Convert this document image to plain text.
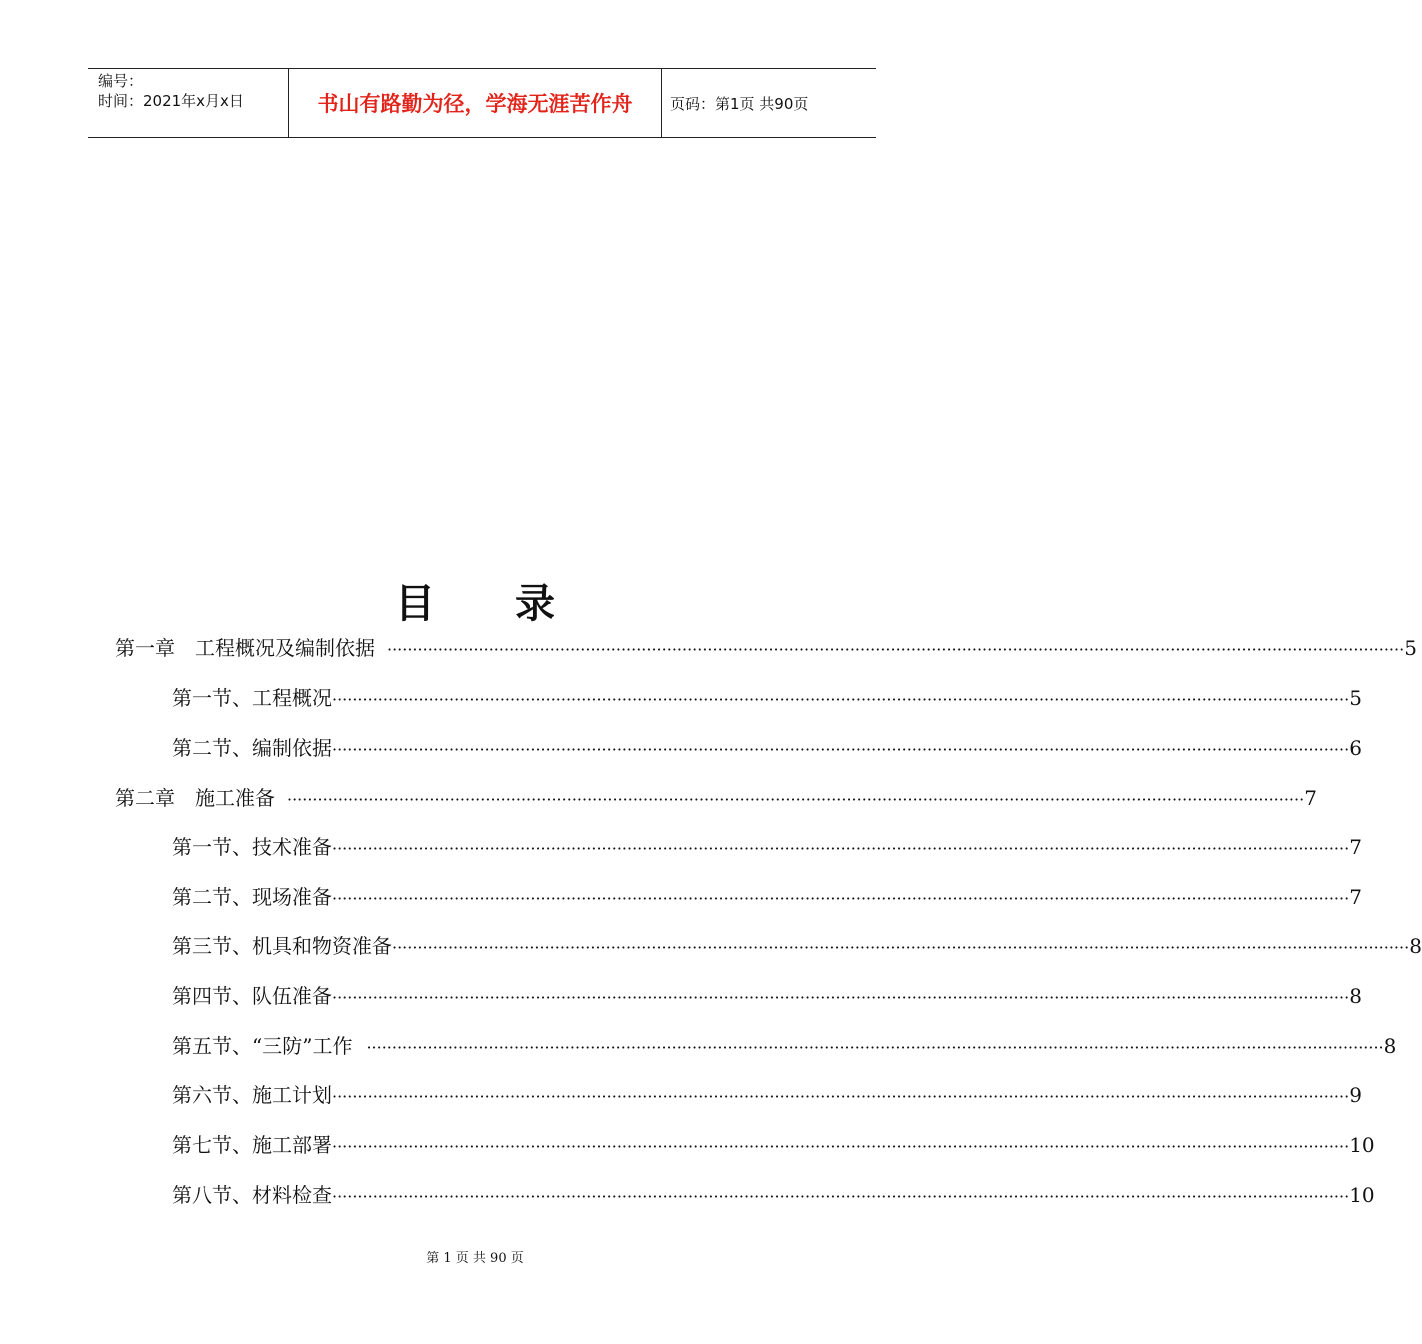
编号：
时间：2021年x月x日	书山有路勤为径，学海无涯苦作舟	页码：第1页 共90页
目录
第一章　工程概况及编制依据 ········································································································································································································ 5
第一节、工程概况 ········································································································································································································ 5
第二节、编制依据 ········································································································································································································ 6
第二章　施工准备 ········································································································································································································ 7
第一节、技术准备 ········································································································································································································ 7
第二节、现场准备 ········································································································································································································ 7
第三节、机具和物资准备 ········································································································································································································ 8
第四节、队伍准备 ········································································································································································································ 8
第五节、“三防”工作 ········································································································································································································ 8
第六节、施工计划 ········································································································································································································ 9
第七节、施工部署 ········································································································································································································ 10
第八节、材料检查 ········································································································································································································ 10
第 1 页 共 90 页
